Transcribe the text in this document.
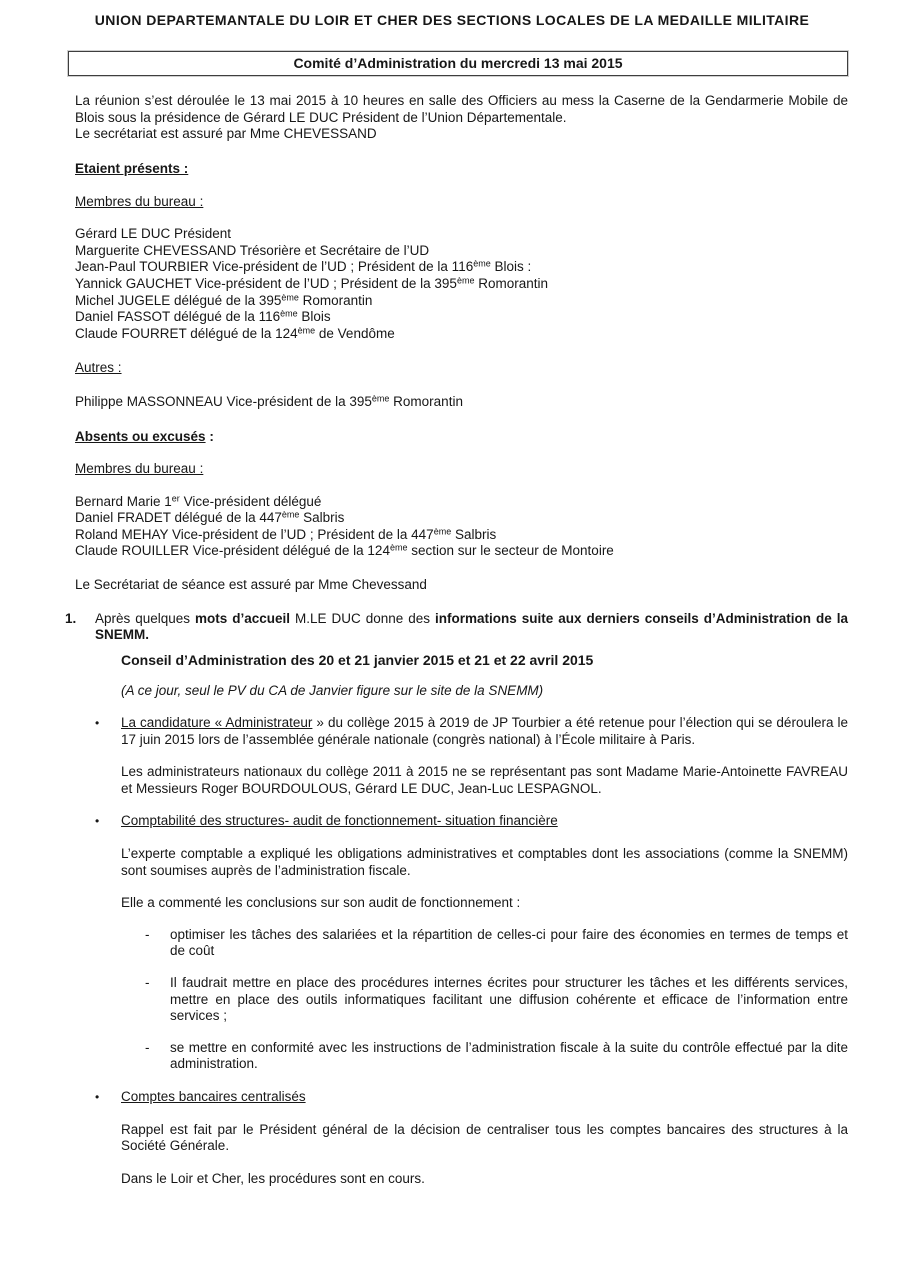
UNION DEPARTEMANTALE DU LOIR ET CHER DES SECTIONS LOCALES DE LA MEDAILLE MILITAIRE
Comité d’Administration du mercredi 13 mai 2015

La réunion s’est déroulée le 13 mai 2015 à 10 heures en salle des Officiers au mess la Caserne de la Gendarmerie Mobile de Blois sous la présidence de Gérard LE DUC Président de l’Union Départementale.
Le secrétariat est assuré par Mme CHEVESSAND

Etaient présents :
Membres du bureau :
Gérard LE DUC Président
Marguerite CHEVESSAND Trésorière et Secrétaire de l’UD
Jean-Paul TOURBIER Vice-président de l’UD ; Président de la 116ème Blois :
Yannick GAUCHET Vice-président de l’UD ; Président de la 395ème Romorantin
Michel JUGELE délégué de la 395ème Romorantin
Daniel FASSOT délégué de la 116ème Blois
Claude FOURRET délégué de la 124ème de Vendôme
Autres :
Philippe MASSONNEAU Vice-président de la 395ème Romorantin
Absents ou excusés :
Membres du bureau :
Bernard Marie 1er Vice-président délégué
Daniel FRADET délégué de la 447ème Salbris
Roland MEHAY Vice-président de l’UD ; Président de la 447ème Salbris
Claude ROUILLER Vice-président délégué de la 124ème section sur le secteur de Montoire
Le Secrétariat de séance est assuré par Mme Chevessand
1.	Après quelques mots d’accueil M.LE DUC donne des informations suite aux derniers conseils d’Administration de la SNEMM.
Conseil d’Administration des 20 et 21 janvier 2015 et 21 et 22 avril 2015
(A ce jour, seul le PV du CA de Janvier figure sur le site de la SNEMM)
•	La candidature « Administrateur » du collège 2015 à 2019 de JP Tourbier a été retenue pour l’élection qui se déroulera le 17 juin 2015 lors de l’assemblée générale nationale (congrès national) à l’École militaire à Paris.

Les administrateurs nationaux du collège 2011 à 2015 ne se représentant pas sont Madame Marie-Antoinette FAVREAU et Messieurs Roger BOURDOULOUS, Gérard LE DUC, Jean-Luc LESPAGNOL.

•	Comptabilité des structures- audit de fonctionnement- situation financière

L’experte comptable a expliqué les obligations administratives et comptables dont les associations (comme la SNEMM) sont soumises auprès de l’administration fiscale.

Elle a commenté les conclusions sur son audit de fonctionnement :

-	optimiser les tâches des salariées et la répartition de celles-ci pour faire des économies en termes de temps et de coût
-	Il faudrait mettre en place des procédures internes écrites pour structurer les tâches et les différents services, mettre en place des outils informatiques facilitant une diffusion cohérente et efficace de l’information entre services ;
-	se mettre en conformité avec les instructions de l’administration fiscale à la suite du contrôle effectué par la dite administration.
•	Comptes bancaires centralisés

Rappel est fait par le Président général de la décision de centraliser tous les comptes bancaires des structures à la Société Générale.

Dans le Loir et Cher, les procédures sont en cours.
